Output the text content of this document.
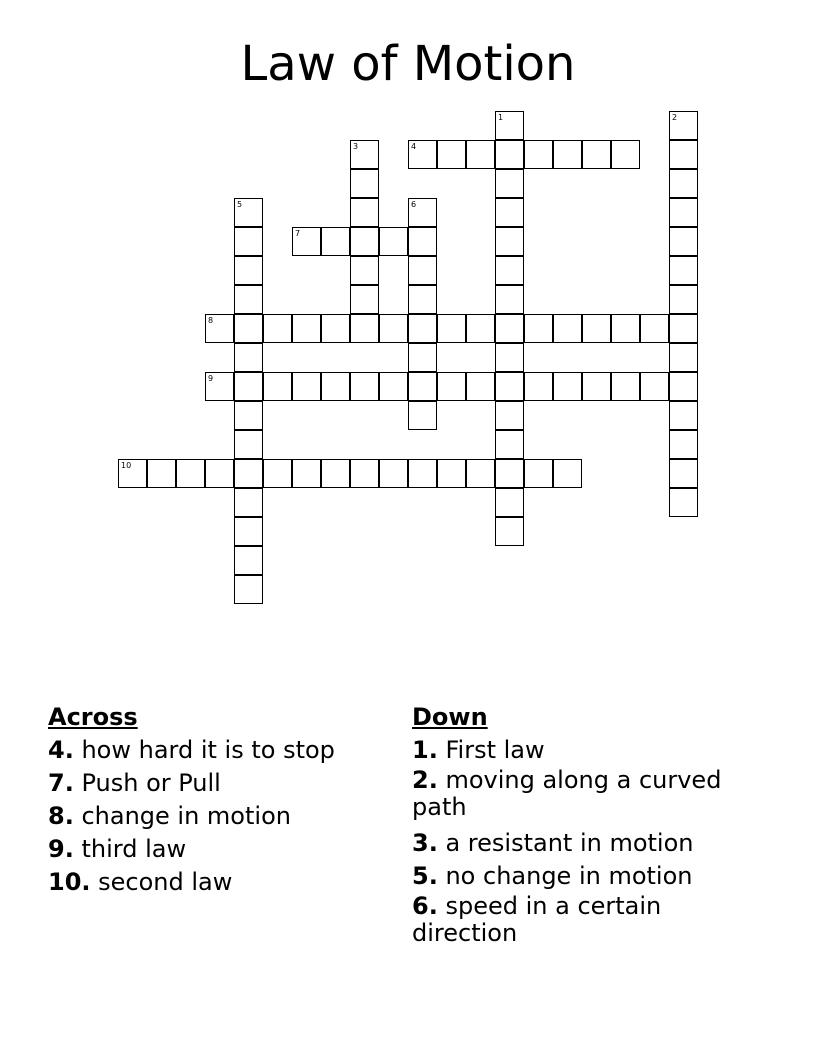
Law of Motion
1	2
3	4
5	6
7
8
9
10

Across

4. how hard it is to stop

7. Push or Pull

8. change in motion

9. third law

10. second law

Down

1. First law

2. moving along a curved path

3. a resistant in motion

5. no change in motion

6. speed in a certain direction
